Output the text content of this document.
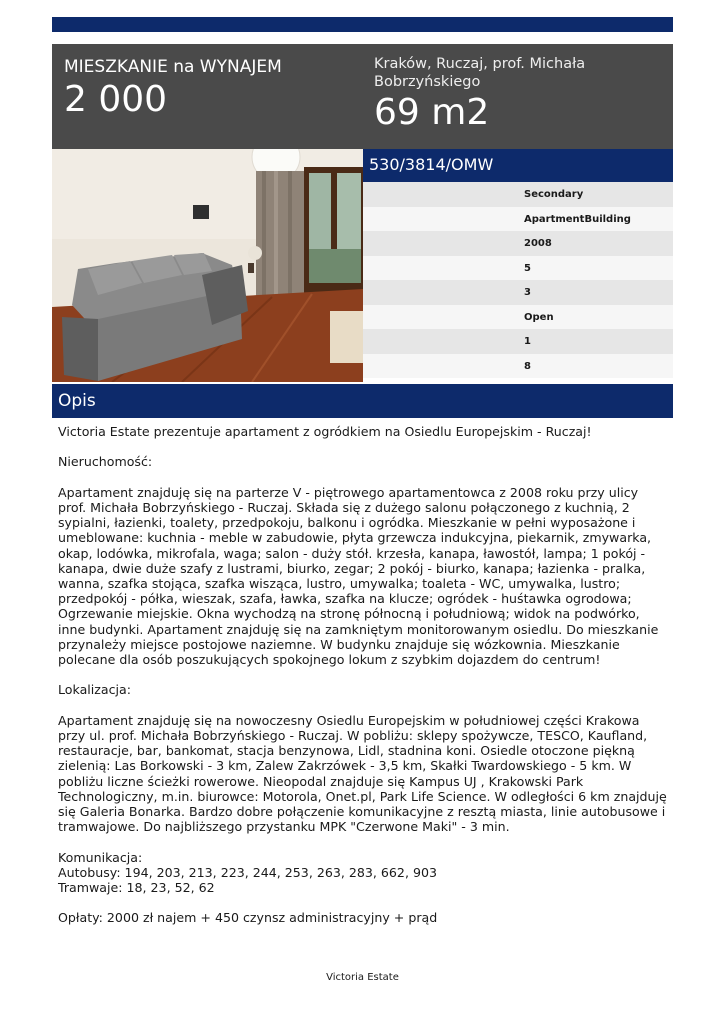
MIESZKANIE na WYNAJEM
2 000
Kraków, Ruczaj, prof. Michała Bobrzyńskiego
69 m2
530/3814/OMW
Secondary
ApartmentBuilding
2008
5
3
Open
1
8
Opis

Victoria Estate prezentuje apartament z ogródkiem na Osiedlu Europejskim - Ruczaj!

Nieruchomość:

Apartament znajduję się na parterze V - piętrowego apartamentowca z 2008 roku przy ulicy prof. Michała Bobrzyńskiego - Ruczaj. Składa się z dużego salonu połączonego z kuchnią, 2 sypialni, łazienki, toalety, przedpokoju, balkonu i ogródka. Mieszkanie w pełni wyposażone i umeblowane: kuchnia - meble w zabudowie, płyta grzewcza indukcyjna, piekarnik, zmywarka, okap, lodówka, mikrofala, waga; salon - duży stół. krzesła, kanapa, ławostół, lampa; 1 pokój - kanapa, dwie duże szafy z lustrami, biurko, zegar; 2 pokój - biurko, kanapa; łazienka - pralka, wanna, szafka stojąca, szafka wisząca, lustro, umywalka; toaleta - WC, umywalka, lustro; przedpokój - półka, wieszak, szafa, ławka, szafka na klucze; ogródek - huśtawka ogrodowa; Ogrzewanie miejskie. Okna wychodzą na stronę północną i południową; widok na podwórko, inne budynki. Apartament znajduję się na zamkniętym monitorowanym osiedlu. Do mieszkanie przynależy miejsce postojowe naziemne. W budynku znajduje się wózkownia. Mieszkanie polecane dla osób poszukujących spokojnego lokum z szybkim dojazdem do centrum!

Lokalizacja:

Apartament znajduję się na nowoczesny Osiedlu Europejskim w południowej części Krakowa przy ul. prof. Michała Bobrzyńskiego - Ruczaj. W pobliżu: sklepy spożywcze, TESCO, Kaufland, restauracje, bar, bankomat, stacja benzynowa, Lidl, stadnina koni. Osiedle otoczone piękną zielenią: Las Borkowski - 3 km, Zalew Zakrzówek - 3,5 km, Skałki Twardowskiego - 5 km. W pobliżu liczne ścieżki rowerowe. Nieopodal znajduje się Kampus UJ , Krakowski Park Technologiczny, m.in. biurowce: Motorola, Onet.pl, Park Life Science. W odległości 6 km znajduję się Galeria Bonarka. Bardzo dobre połączenie komunikacyjne z resztą miasta, linie autobusowe i tramwajowe. Do najbliższego przystanku MPK "Czerwone Maki" - 3 min.

Komunikacja:

Autobusy: 194, 203, 213, 223, 244, 253, 263, 283, 662, 903

Tramwaje: 18, 23, 52, 62

Opłaty: 2000 zł najem + 450 czynsz administracyjny + prąd

Victoria Estate
